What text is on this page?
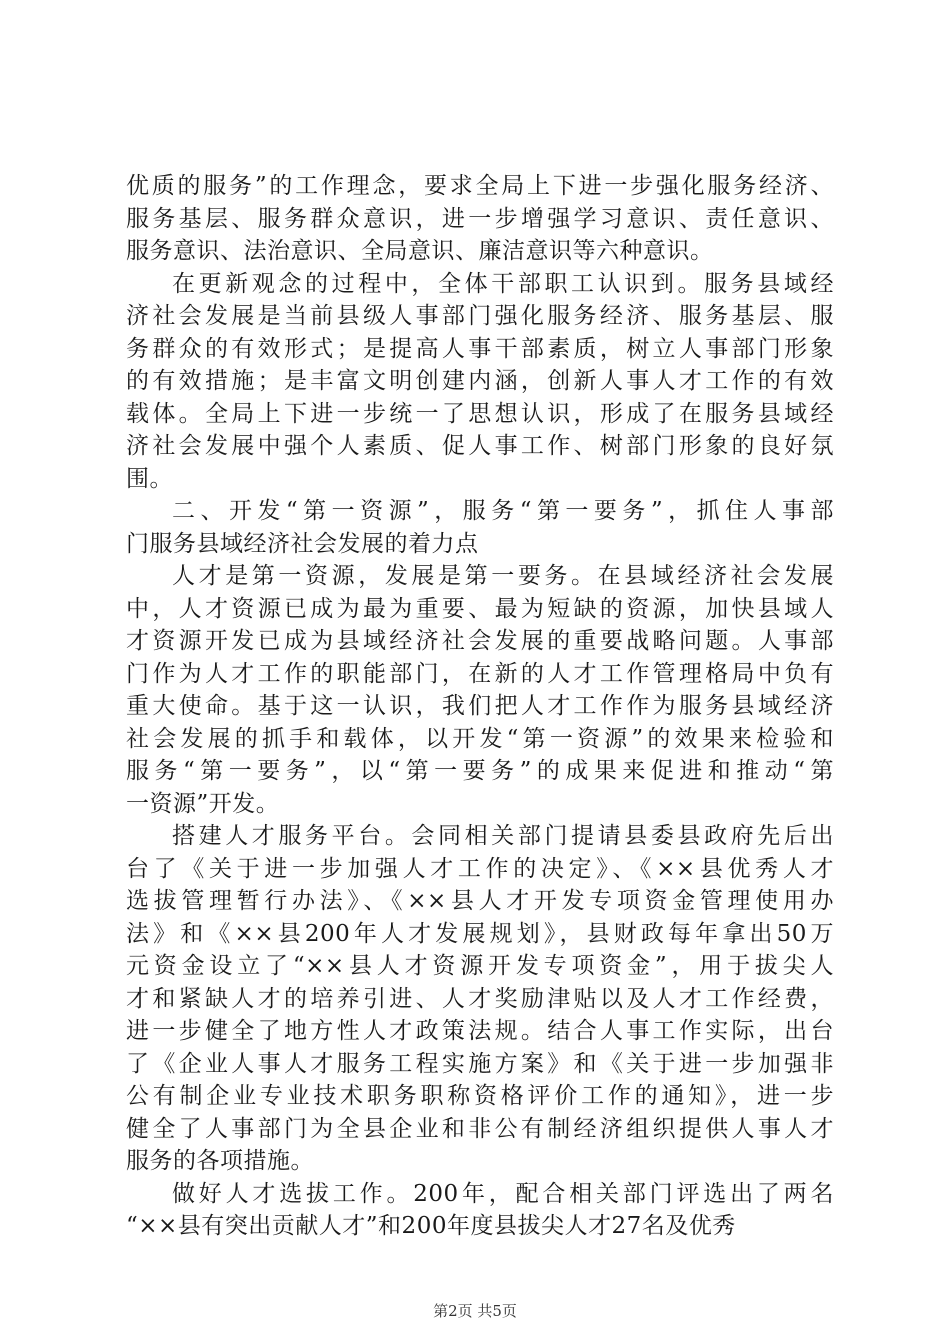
优质的服务”的工作理念，要求全局上下进一步强化服务经济、
服务基层、服务群众意识，进一步增强学习意识、责任意识、
服务意识、法治意识、全局意识、廉洁意识等六种意识。
在更新观念的过程中，全体干部职工认识到。服务县域经
济社会发展是当前县级人事部门强化服务经济、服务基层、服
务群众的有效形式；是提高人事干部素质，树立人事部门形象
的有效措施；是丰富文明创建内涵，创新人事人才工作的有效
载体。全局上下进一步统一了思想认识，形成了在服务县域经
济社会发展中强个人素质、促人事工作、树部门形象的良好氛
围。
二、开发“第一资源”，服务“第一要务”，抓住人事部
门服务县域经济社会发展的着力点
人才是第一资源，发展是第一要务。在县域经济社会发展
中，人才资源已成为最为重要、最为短缺的资源，加快县域人
才资源开发已成为县域经济社会发展的重要战略问题。人事部
门作为人才工作的职能部门，在新的人才工作管理格局中负有
重大使命。基于这一认识，我们把人才工作作为服务县域经济
社会发展的抓手和载体，以开发“第一资源”的效果来检验和
服务“第一要务”，以“第一要务”的成果来促进和推动“第
一资源”开发。
搭建人才服务平台。会同相关部门提请县委县政府先后出
台了《关于进一步加强人才工作的决定》、《××县优秀人才
选拔管理暂行办法》、《××县人才开发专项资金管理使用办
法》和《××县200年人才发展规划》，县财政每年拿出50万
元资金设立了“××县人才资源开发专项资金”，用于拔尖人
才和紧缺人才的培养引进、人才奖励津贴以及人才工作经费，
进一步健全了地方性人才政策法规。结合人事工作实际，出台
了《企业人事人才服务工程实施方案》和《关于进一步加强非
公有制企业专业技术职务职称资格评价工作的通知》，进一步
健全了人事部门为全县企业和非公有制经济组织提供人事人才
服务的各项措施。
做好人才选拔工作。200年，配合相关部门评选出了两名
“××县有突出贡献人才”和200年度县拔尖人才27名及优秀
第2页 共5页
